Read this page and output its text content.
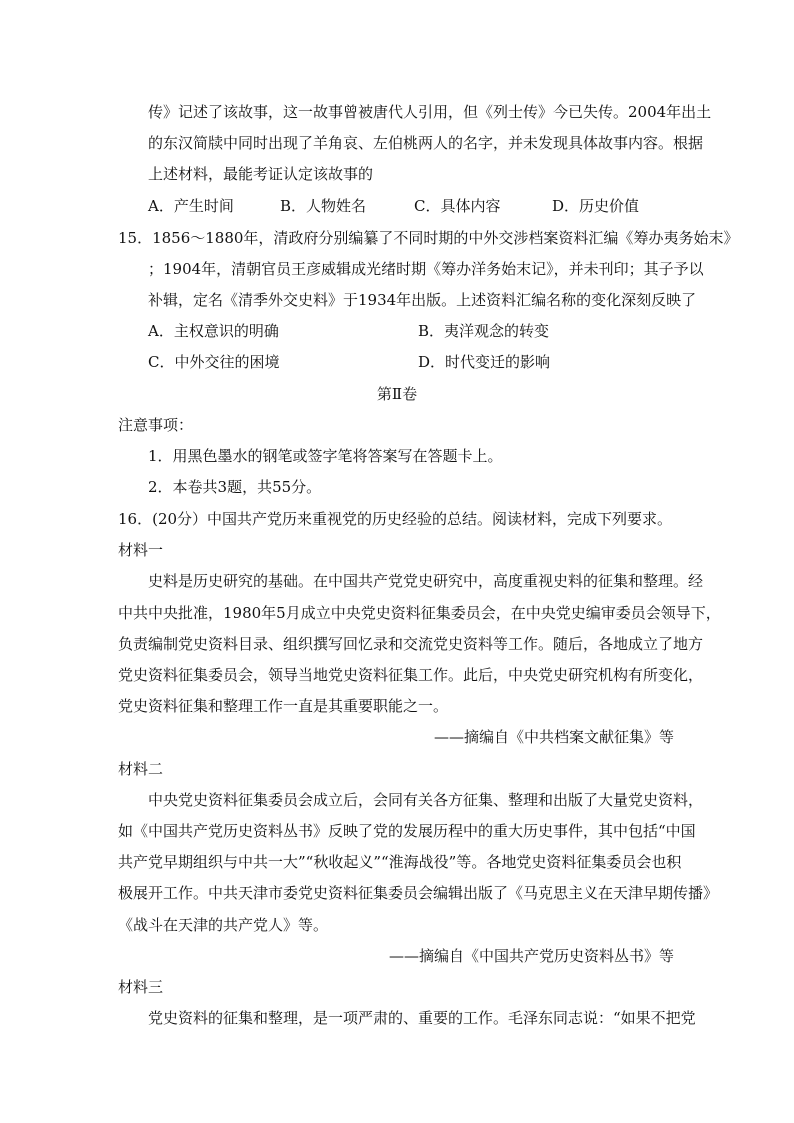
传》记述了该故事，这一故事曾被唐代人引用，但《列士传》今已失传。2004年出土
的东汉简牍中同时出现了羊角哀、左伯桃两人的名字，并未发现具体故事内容。根据
上述材料，最能考证认定该故事的
A．产生时间	B．人物姓名	C．具体内容	D．历史价值
15．1856～1880年，清政府分别编纂了不同时期的中外交涉档案资料汇编《筹办夷务始末》
；1904年，清朝官员王彦威辑成光绪时期《筹办洋务始末记》，并未刊印；其子予以
补辑，定名《清季外交史料》于1934年出版。上述资料汇编名称的变化深刻反映了
A．主权意识的明确	B．夷洋观念的转变
C．中外交往的困境	D．时代变迁的影响
第Ⅱ卷
注意事项：
1．用黑色墨水的钢笔或签字笔将答案写在答题卡上。
2．本卷共3题，共55分。
16．(20分）中国共产党历来重视党的历史经验的总结。阅读材料，完成下列要求。
材料一
史料是历史研究的基础。在中国共产党党史研究中，高度重视史料的征集和整理。经
中共中央批准，1980年5月成立中央党史资料征集委员会，在中央党史编审委员会领导下，
负责编制党史资料目录、组织撰写回忆录和交流党史资料等工作。随后，各地成立了地方
党史资料征集委员会，领导当地党史资料征集工作。此后，中央党史研究机构有所变化，
党史资料征集和整理工作一直是其重要职能之一。
——摘编自《中共档案文献征集》等
材料二
中央党史资料征集委员会成立后，会同有关各方征集、整理和出版了大量党史资料，
如《中国共产党历史资料丛书》反映了党的发展历程中的重大历史事件，其中包括“中国
共产党早期组织与中共一大”“秋收起义”“淮海战役”等。各地党史资料征集委员会也积
极展开工作。中共天津市委党史资料征集委员会编辑出版了《马克思主义在天津早期传播》
《战斗在天津的共产党人》等。
——摘编自《中国共产党历史资料丛书》等
材料三
党史资料的征集和整理，是一项严肃的、重要的工作。毛泽东同志说：“如果不把党
